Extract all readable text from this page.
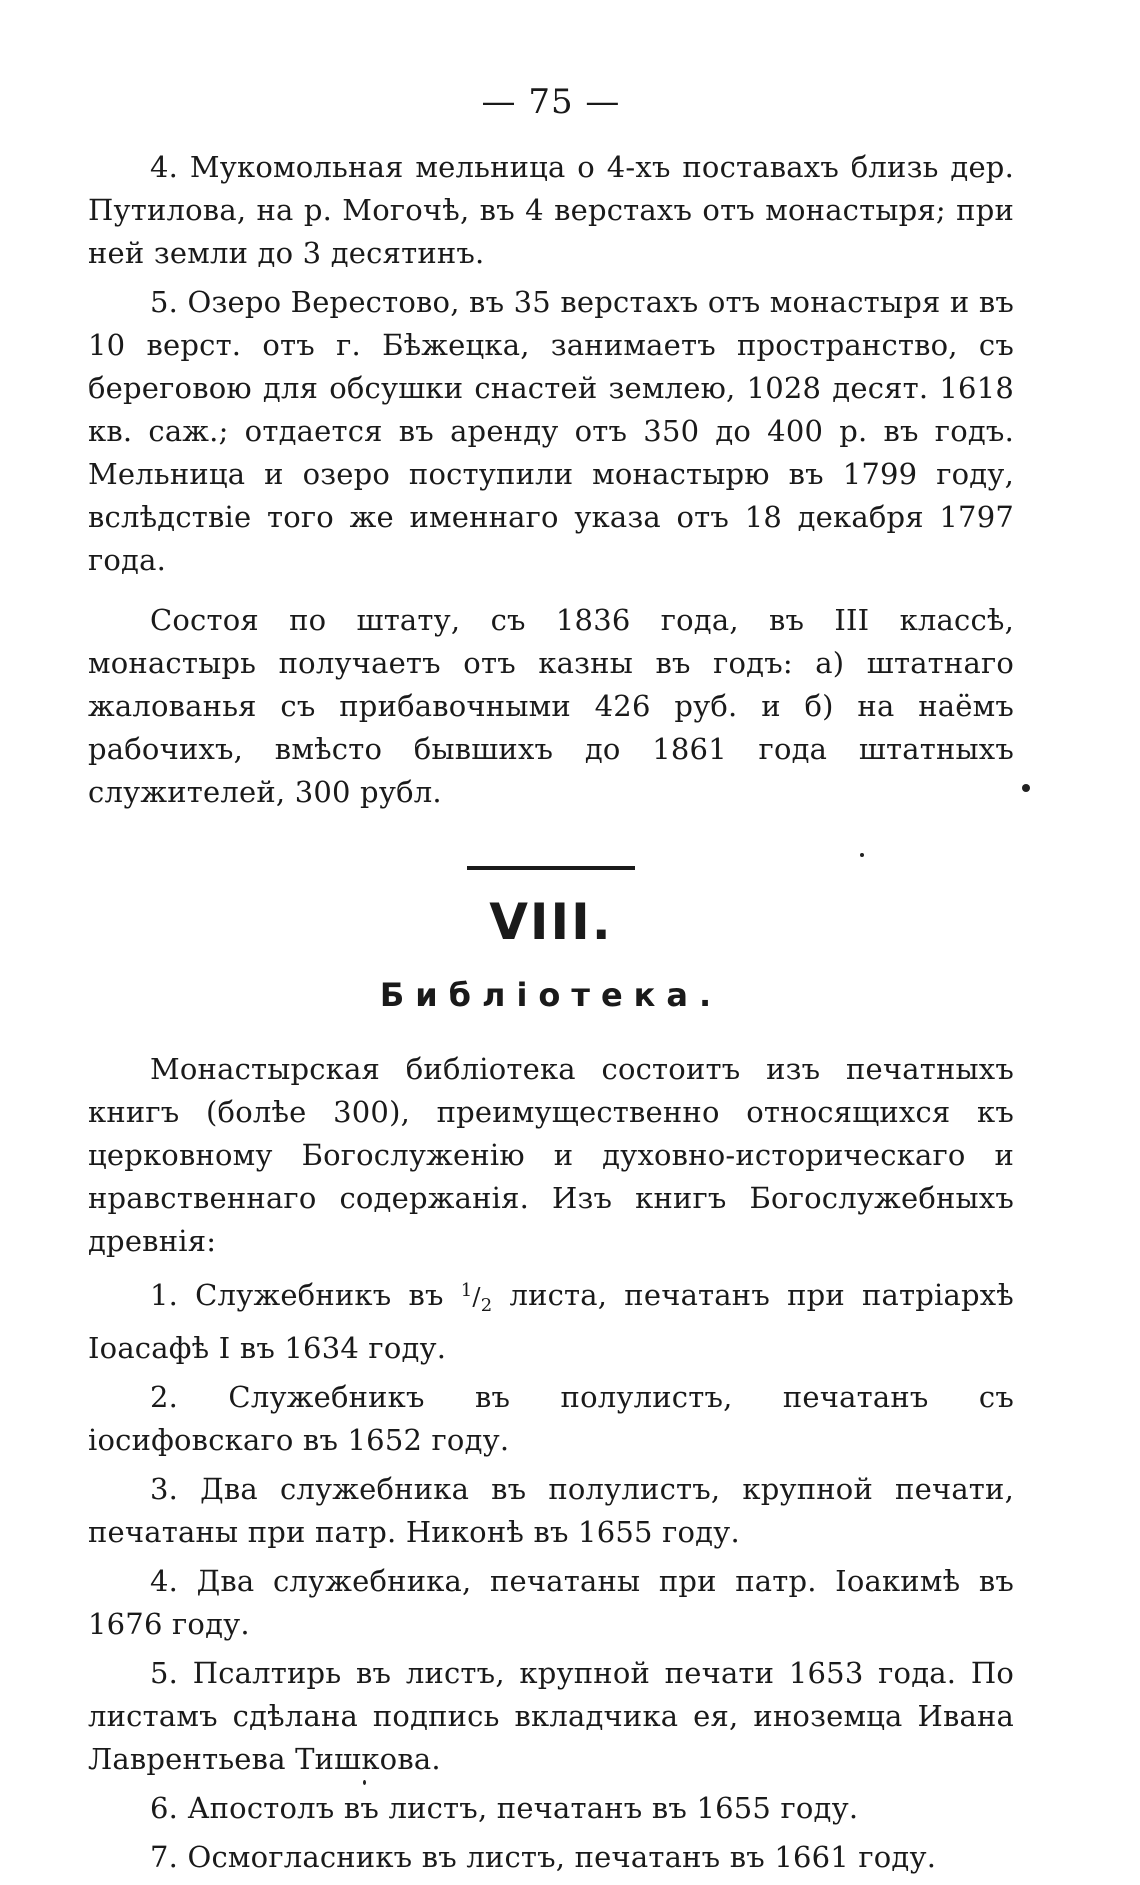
— 75 —

4. Мукомольная мельница о 4-хъ поставахъ близь дер. Путилова, на р. Могочѣ, въ 4 верстахъ отъ монастыря; при ней земли до 3 десятинъ.

5. Озеро Верестово, въ 35 верстахъ отъ монастыря и въ 10 верст. отъ г. Бѣжецка, занимаетъ пространство, съ береговою для обсушки снастей землею, 1028 десят. 1618 кв. саж.; отдается въ аренду отъ 350 до 400 р. въ годъ. Мельница и озеро поступили монастырю въ 1799 году, вслѣдствіе того же именнаго указа отъ 18 декабря 1797 года.

Состоя по штату, съ 1836 года, въ III классѣ, монастырь получаетъ отъ казны въ годъ: а) штатнаго жалованья съ прибавочными 426 руб. и б) на наёмъ рабочихъ, вмѣсто бывшихъ до 1861 года штатныхъ служителей, 300 рубл.

VIII.
Библіотека.

Монастырская библіотека состоитъ изъ печатныхъ книгъ (болѣе 300), преимущественно относящихся къ церковному Богослуженію и духовно-историческаго и нравственнаго содержанія. Изъ книгъ Богослужебныхъ древнія:

1. Служебникъ въ $^1/_2$ листа, печатанъ при патріархѣ Іоасафѣ I въ 1634 году.

2. Служебникъ въ полулистъ, печатанъ съ іосифовскаго въ 1652 году.

3. Два служебника въ полулистъ, крупной печати, печатаны при патр. Никонѣ въ 1655 году.

4. Два служебника, печатаны при патр. Іоакимѣ въ 1676 году.

5. Псалтирь въ листъ, крупной печати 1653 года. По листамъ сдѣлана подпись вкладчика ея, иноземца Ивана Лаврентьева Тишкова.

6. Апостолъ въ листъ, печатанъ въ 1655 году.

7. Осмогласникъ въ листъ, печатанъ въ 1661 году.
